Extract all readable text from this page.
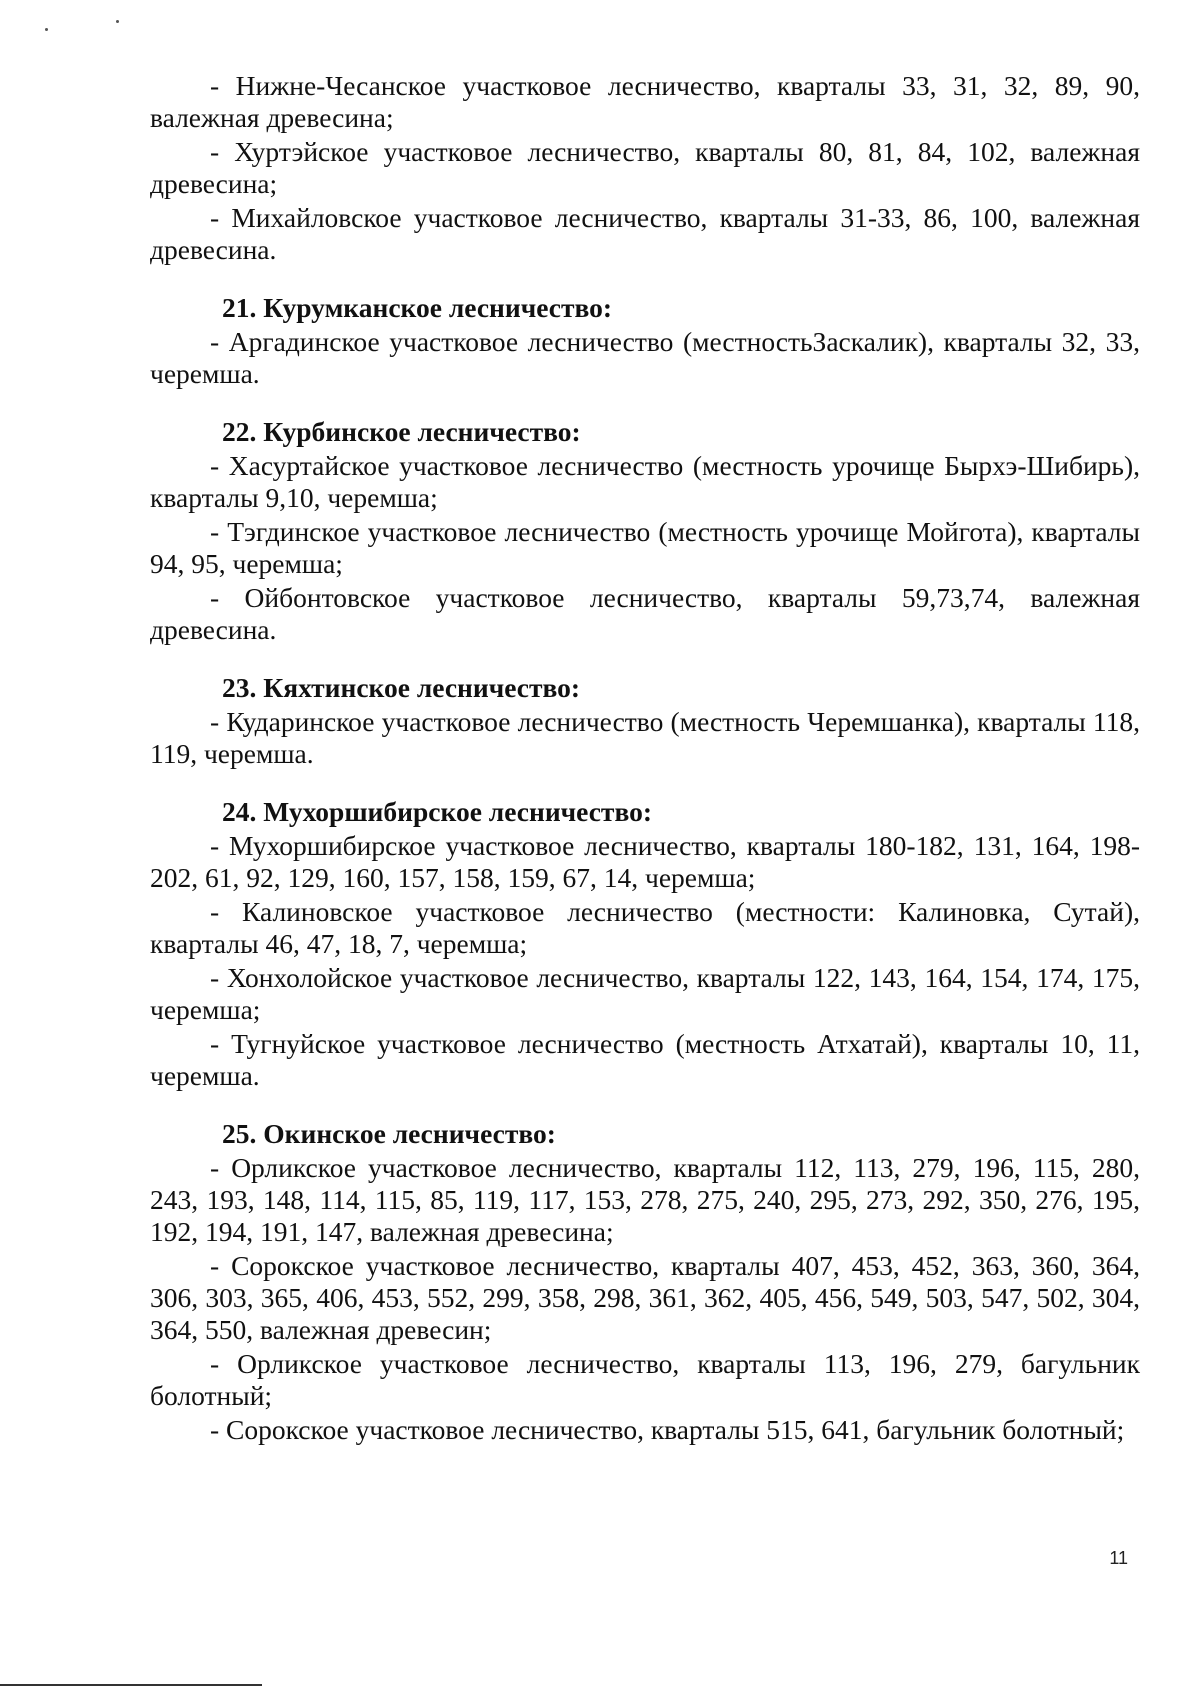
- Нижне-Чесанское участковое лесничество, кварталы 33, 31, 32, 89, 90, валежная древесина;

- Хуртэйское участковое лесничество, кварталы 80, 81, 84, 102, валежная древесина;

- Михайловское участковое лесничество, кварталы 31-33, 86, 100, валежная древесина.

21. Курумканское лесничество:

- Аргадинское участковое лесничество (местностьЗаскалик), кварталы 32, 33, черемша.

22. Курбинское лесничество:

- Хасуртайское участковое лесничество (местность урочище Бырхэ-Шибирь), кварталы 9,10, черемша;

- Тэгдинское участковое лесничество (местность урочище Мойгота), кварталы 94, 95, черемша;

- Ойбонтовское участковое лесничество, кварталы 59,73,74, валежная древесина.

23. Кяхтинское лесничество:

- Кударинское участковое лесничество (местность Черемшанка), кварталы 118, 119, черемша.

24. Мухоршибирское лесничество:

- Мухоршибирское участковое лесничество, кварталы 180-182, 131, 164, 198-202, 61, 92, 129, 160, 157, 158, 159, 67, 14, черемша;

- Калиновское участковое лесничество (местности: Калиновка, Сутай), кварталы 46, 47, 18, 7, черемша;

- Хонхолойское участковое лесничество, кварталы 122, 143, 164, 154, 174, 175, черемша;

- Тугнуйское участковое лесничество (местность Атхатай), кварталы 10, 11, черемша.

25. Окинское лесничество:

- Орликское участковое лесничество, кварталы 112, 113, 279, 196, 115, 280, 243, 193, 148, 114, 115, 85, 119, 117, 153, 278, 275, 240, 295, 273, 292, 350, 276, 195, 192, 194, 191, 147, валежная древесина;

- Сорокское участковое лесничество, кварталы 407, 453, 452, 363, 360, 364, 306, 303, 365, 406, 453, 552, 299, 358, 298, 361, 362, 405, 456, 549, 503, 547, 502, 304, 364, 550, валежная древесин;

- Орликское участковое лесничество, кварталы 113, 196, 279, багульник болотный;

- Сорокское участковое лесничество, кварталы 515, 641, багульник болотный;

11
